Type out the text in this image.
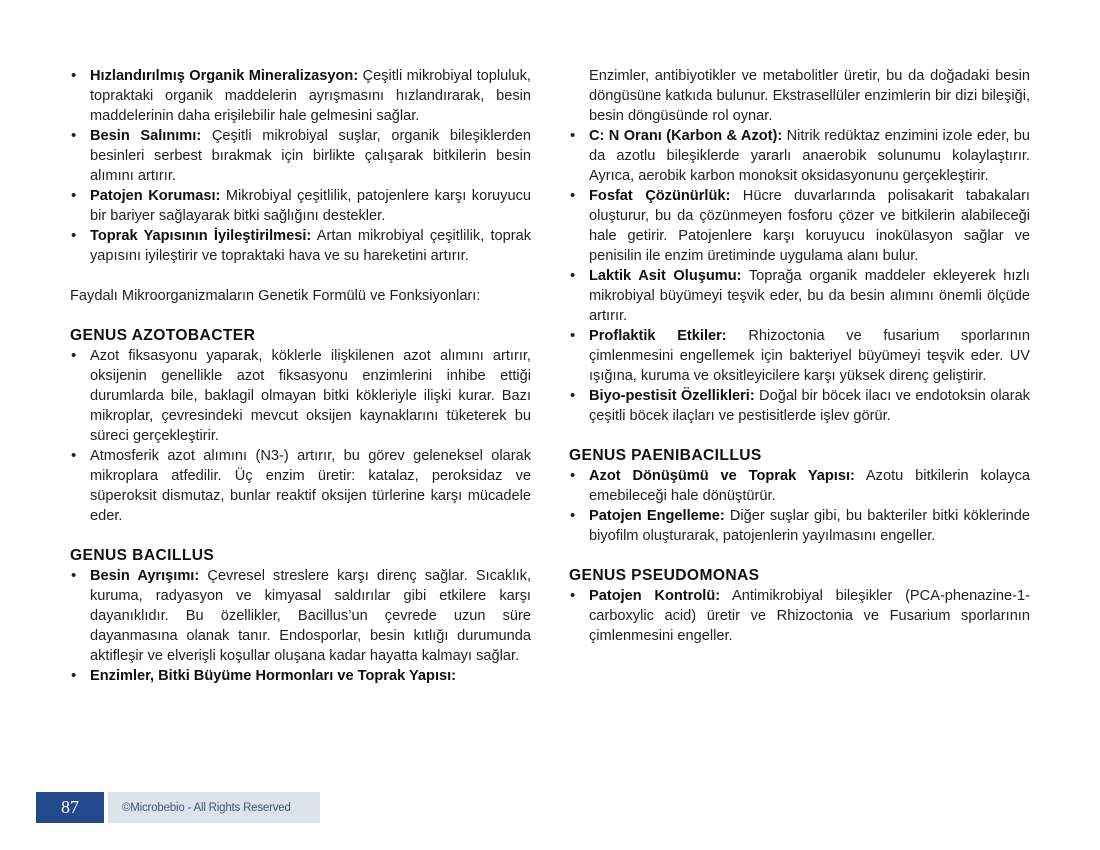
• Hızlandırılmış Organik Mineralizasyon: Çeşitli mikrobiyal topluluk, topraktaki organik maddelerin ayrışmasını hızlandırarak, besin maddelerinin daha erişilebilir hale gelmesini sağlar.
• Besin Salınımı: Çeşitli mikrobiyal suşlar, organik bileşiklerden besinleri serbest bırakmak için birlikte çalışarak bitkilerin besin alımını artırır.
• Patojen Koruması: Mikrobiyal çeşitlilik, patojenlere karşı koruyucu bir bariyer sağlayarak bitki sağlığını destekler.
• Toprak Yapısının İyileştirilmesi: Artan mikrobiyal çeşitlilik, toprak yapısını iyileştirir ve topraktaki hava ve su hareketini artırır.
Faydalı Mikroorganizmaların Genetik Formülü ve Fonksiyonları:
GENUS AZOTOBACTER
• Azot fiksasyonu yaparak, köklerle ilişkilenen azot alımını artırır, oksijenin genellikle azot fiksasyonu enzimlerini inhibe ettiği durumlarda bile, baklagil olmayan bitki kökleriyle ilişki kurar. Bazı mikroplar, çevresindeki mevcut oksijen kaynaklarını tüketerek bu süreci gerçekleştirir.
• Atmosferik azot alımını (N3-) artırır, bu görev geleneksel olarak mikroplara atfedilir. Üç enzim üretir: katalaz, peroksidaz ve süperoksit dismutaz, bunlar reaktif oksijen türlerine karşı mücadele eder.
GENUS BACILLUS
• Besin Ayrışımı: Çevresel streslere karşı direnç sağlar. Sıcaklık, kuruma, radyasyon ve kimyasal saldırılar gibi etkilere karşı dayanıklıdır. Bu özellikler, Bacillus’un çevrede uzun süre dayanmasına olanak tanır. Endosporlar, besin kıtlığı durumunda aktifleşir ve elverişli koşullar oluşana kadar hayatta kalmayı sağlar.
• Enzimler, Bitki Büyüme Hormonları ve Toprak Yapısı:
Enzimler, antibiyotikler ve metabolitler üretir, bu da doğadaki besin döngüsüne katkıda bulunur. Ekstrasellüler enzimlerin bir dizi bileşiği, besin döngüsünde rol oynar.
• C: N Oranı (Karbon & Azot): Nitrik redüktaz enzimini izole eder, bu da azotlu bileşiklerde yararlı anaerobik solunumu kolaylaştırır. Ayrıca, aerobik karbon monoksit oksidasyonunu gerçekleştirir.
• Fosfat Çözünürlük: Hücre duvarlarında polisakarit tabakaları oluşturur, bu da çözünmeyen fosforu çözer ve bitkilerin alabileceği hale getirir. Patojenlere karşı koruyucu inokülasyon sağlar ve penisilin ile enzim üretiminde uygulama alanı bulur.
• Laktik Asit Oluşumu: Toprağa organik maddeler ekleyerek hızlı mikrobiyal büyümeyi teşvik eder, bu da besin alımını önemli ölçüde artırır.
• Proflaktik Etkiler: Rhizoctonia ve fusarium sporlarının çimlenmesini engellemek için bakteriyel büyümeyi teşvik eder. UV ışığına, kuruma ve oksitleyicilere karşı yüksek direnç geliştirir.
• Biyo-pestisit Özellikleri: Doğal bir böcek ilacı ve endotoksin olarak çeşitli böcek ilaçları ve pestisitlerde işlev görür.
GENUS PAENIBACILLUS
• Azot Dönüşümü ve Toprak Yapısı: Azotu bitkilerin kolayca emebileceği hale dönüştürür.
• Patojen Engelleme: Diğer suşlar gibi, bu bakteriler bitki köklerinde biyofilm oluşturarak, patojenlerin yayılmasını engeller.
GENUS PSEUDOMONAS
• Patojen Kontrolü: Antimikrobiyal bileşikler (PCA-phenazine-1-carboxylic acid) üretir ve Rhizoctonia ve Fusarium sporlarının çimlenmesini engeller.
87	©Microbebio - All Rights Reserved
